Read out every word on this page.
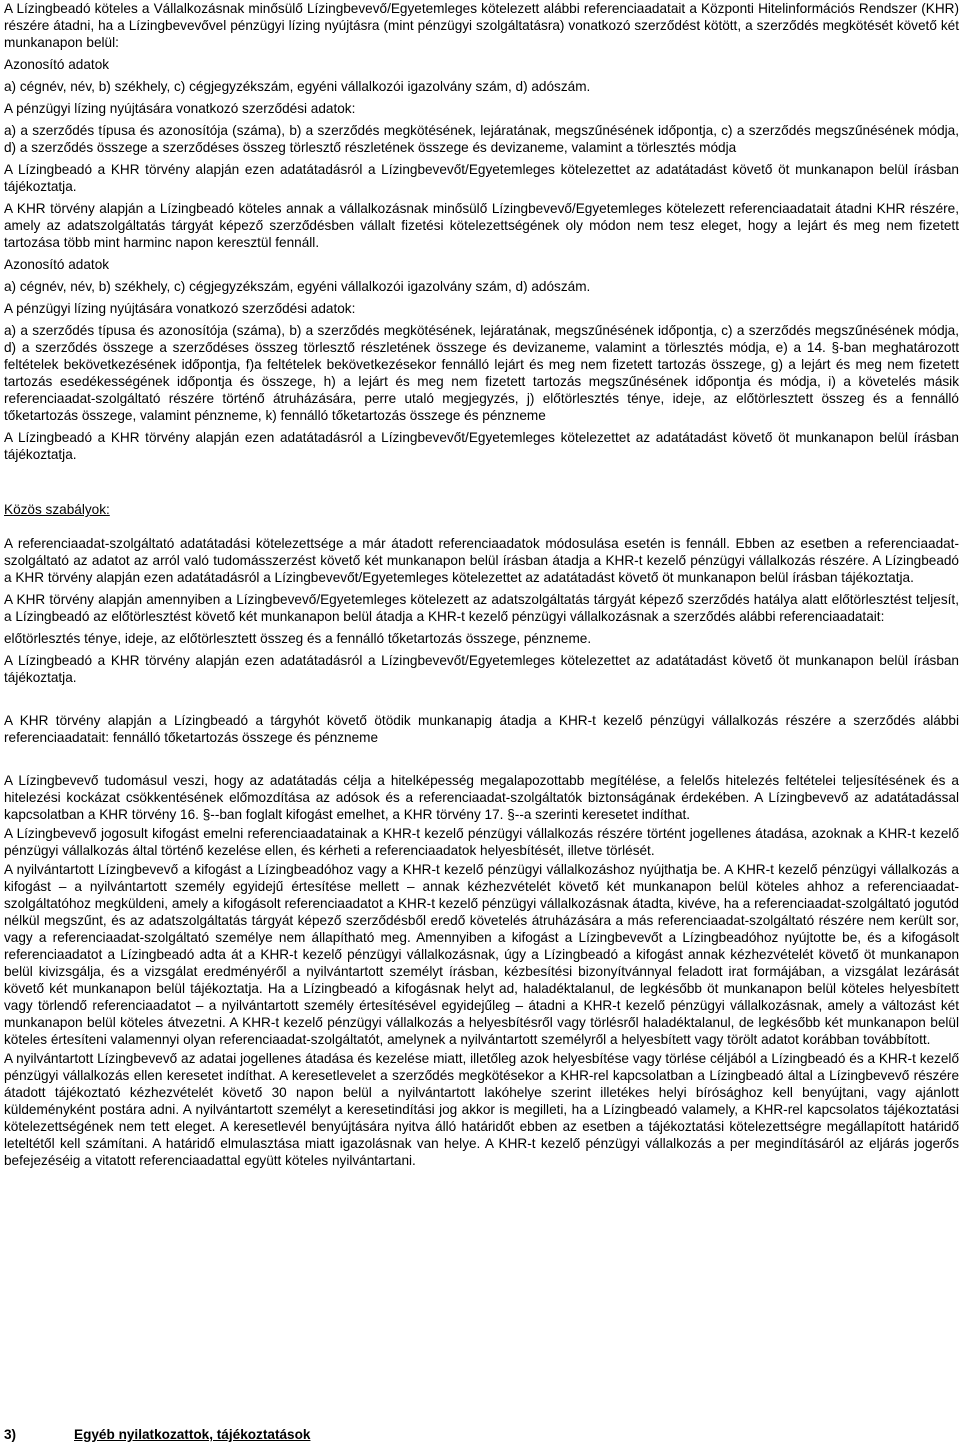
A Lízingbeadó köteles a Vállalkozásnak minősülő Lízingbevevő/Egyetemleges kötelezett alábbi referenciaadatait a Központi Hitelinformációs Rendszer (KHR) részére átadni, ha a Lízingbevevővel pénzügyi lízing nyújtásra (mint pénzügyi szolgáltatásra) vonatkozó szerződést kötött, a szerződés megkötését követő két munkanapon belül:

Azonosító adatok

a) cégnév, név, b) székhely, c) cégjegyzékszám, egyéni vállalkozói igazolvány szám, d) adószám.

A pénzügyi lízing nyújtására vonatkozó szerződési adatok:

a) a szerződés típusa és azonosítója (száma), b) a szerződés megkötésének, lejáratának, megszűnésének időpontja, c) a szerződés megszűnésének módja, d) a szerződés összege a szerződéses összeg törlesztő részletének összege és devizaneme, valamint a törlesztés módja

A Lízingbeadó a KHR törvény alapján ezen adatátadásról a Lízingbevevőt/Egyetemleges kötelezettet az adatátadást követő öt munkanapon belül írásban tájékoztatja.

A KHR törvény alapján a Lízingbeadó köteles annak a vállalkozásnak minősülő Lízingbevevő/Egyetemleges kötelezett referenciaadatait átadni KHR részére, amely az adatszolgáltatás tárgyát képező szerződésben vállalt fizetési kötelezettségének oly módon nem tesz eleget, hogy a lejárt és meg nem fizetett tartozása több mint harminc napon keresztül fennáll.

Azonosító adatok

a) cégnév, név, b) székhely, c) cégjegyzékszám, egyéni vállalkozói igazolvány szám, d) adószám.

A pénzügyi lízing nyújtására vonatkozó szerződési adatok:

a) a szerződés típusa és azonosítója (száma), b) a szerződés megkötésének, lejáratának, megszűnésének időpontja, c) a szerződés megszűnésének módja, d) a szerződés összege a szerződéses összeg törlesztő részletének összege és devizaneme, valamint a törlesztés módja, e) a 14. §-ban meghatározott feltételek bekövetkezésének időpontja, f)a feltételek bekövetkezésekor fennálló lejárt és meg nem fizetett tartozás összege, g) a lejárt és meg nem fizetett tartozás esedékességének időpontja és összege, h) a lejárt és meg nem fizetett tartozás megszűnésének időpontja és módja, i) a követelés másik referenciaadat-szolgáltató részére történő átruházására, perre utaló megjegyzés, j) előtörlesztés ténye, ideje, az előtörlesztett összeg és a fennálló tőketartozás összege, valamint pénzneme, k) fennálló tőketartozás összege és pénzneme

A Lízingbeadó a KHR törvény alapján ezen adatátadásról a Lízingbevevőt/Egyetemleges kötelezettet az adatátadást követő öt munkanapon belül írásban tájékoztatja.

Közös szabályok:

A referenciaadat-szolgáltató adatátadási kötelezettsége a már átadott referenciaadatok módosulása esetén is fennáll. Ebben az esetben a referenciaadat-szolgáltató az adatot az arról való tudomásszerzést követő két munkanapon belül írásban átadja a KHR-t kezelő pénzügyi vállalkozás részére. A Lízingbeadó a KHR törvény alapján ezen adatátadásról a Lízingbevevőt/Egyetemleges kötelezettet az adatátadást követő öt munkanapon belül írásban tájékoztatja.

A KHR törvény alapján amennyiben a Lízingbevevő/Egyetemleges kötelezett az adatszolgáltatás tárgyát képező szerződés hatálya alatt előtörlesztést teljesít, a Lízingbeadó az előtörlesztést követő két munkanapon belül átadja a KHR-t kezelő pénzügyi vállalkozásnak a szerződés alábbi referenciaadatait:

előtörlesztés ténye, ideje, az előtörlesztett összeg és a fennálló tőketartozás összege, pénzneme.

A Lízingbeadó a KHR törvény alapján ezen adatátadásról a Lízingbevevőt/Egyetemleges kötelezettet az adatátadást követő öt munkanapon belül írásban tájékoztatja.

A KHR törvény alapján a Lízingbeadó a tárgyhót követő ötödik munkanapig átadja a KHR-t kezelő pénzügyi vállalkozás részére a szerződés alábbi referenciaadatait: fennálló tőketartozás összege és pénzneme

A Lízingbevevő tudomásul veszi, hogy az adatátadás célja a hitelképesség megalapozottabb megítélése, a felelős hitelezés feltételei teljesítésének és a hitelezési kockázat csökkentésének előmozdítása az adósok és a referenciaadat-szolgáltatók biztonságának érdekében. A Lízingbevevő az adatátadással kapcsolatban a KHR törvény 16. §--ban foglalt kifogást emelhet, a KHR törvény 17. §--a szerinti keresetet indíthat.

A Lízingbevevő jogosult kifogást emelni referenciaadatainak a KHR-t kezelő pénzügyi vállalkozás részére történt jogellenes átadása, azoknak a KHR-t kezelő pénzügyi vállalkozás által történő kezelése ellen, és kérheti a referenciaadatok helyesbítését, illetve törlését.

A nyilvántartott Lízingbevevő a kifogást a Lízingbeadóhoz vagy a KHR-t kezelő pénzügyi vállalkozáshoz nyújthatja be. A KHR-t kezelő pénzügyi vállalkozás a kifogást – a nyilvántartott személy egyidejű értesítése mellett – annak kézhezvételét követő két munkanapon belül köteles ahhoz a referenciaadat-szolgáltatóhoz megküldeni, amely a kifogásolt referenciaadatot a KHR-t kezelő pénzügyi vállalkozásnak átadta, kivéve, ha a referenciaadat-szolgáltató jogutód nélkül megszűnt, és az adatszolgáltatás tárgyát képező szerződésből eredő követelés átruházására a más referenciaadat-szolgáltató részére nem került sor, vagy a referenciaadat-szolgáltató személye nem állapítható meg. Amennyiben a kifogást a Lízingbevevőt a Lízingbeadóhoz nyújtotte be, és a kifogásolt referenciaadatot a Lízingbeadó adta át a KHR-t kezelő pénzügyi vállalkozásnak, úgy a Lízingbeadó a kifogást annak kézhezvételét követő öt munkanapon belül kivizsgálja, és a vizsgálat eredményéről a nyilvántartott személyt írásban, kézbesítési bizonyítvánnyal feladott irat formájában, a vizsgálat lezárását követő két munkanapon belül tájékoztatja. Ha a Lízingbeadó a kifogásnak helyt ad, haladéktalanul, de legkésőbb öt munkanapon belül köteles helyesbített vagy törlendő referenciaadatot – a nyilvántartott személy értesítésével egyidejűleg – átadni a KHR-t kezelő pénzügyi vállalkozásnak, amely a változást két munkanapon belül köteles átvezetni. A KHR-t kezelő pénzügyi vállalkozás a helyesbítésről vagy törlésről haladéktalanul, de legkésőbb két munkanapon belül köteles értesíteni valamennyi olyan referenciaadat-szolgáltatót, amelynek a nyilvántartott személyről a helyesbített vagy törölt adatot korábban továbbított.

A nyilvántartott Lízingbevevő az adatai jogellenes átadása és kezelése miatt, illetőleg azok helyesbítése vagy törlése céljából a Lízingbeadó és a KHR-t kezelő pénzügyi vállalkozás ellen keresetet indíthat. A keresetlevelet a szerződés megkötésekor a KHR-rel kapcsolatban a Lízingbeadó által a Lízingbevevő részére átadott tájékoztató kézhezvételét követő 30 napon belül a nyilvántartott lakóhelye szerint illetékes helyi bírósághoz kell benyújtani, vagy ajánlott küldeményként postára adni. A nyilvántartott személyt a keresetindítási jog akkor is megilleti, ha a Lízingbeadó valamely, a KHR-rel kapcsolatos tájékoztatási kötelezettségének nem tett eleget. A keresetlevél benyújtására nyitva álló határidőt ebben az esetben a tájékoztatási kötelezettségre megállapított határidő leteltétől kell számítani. A határidő elmulasztása miatt igazolásnak van helye. A KHR-t kezelő pénzügyi vállalkozás a per megindításáról az eljárás jogerős befejezéséig a vitatott referenciaadattal együtt köteles nyilvántartani.

3)	Egyéb nyilatkozattok, tájékoztatások
